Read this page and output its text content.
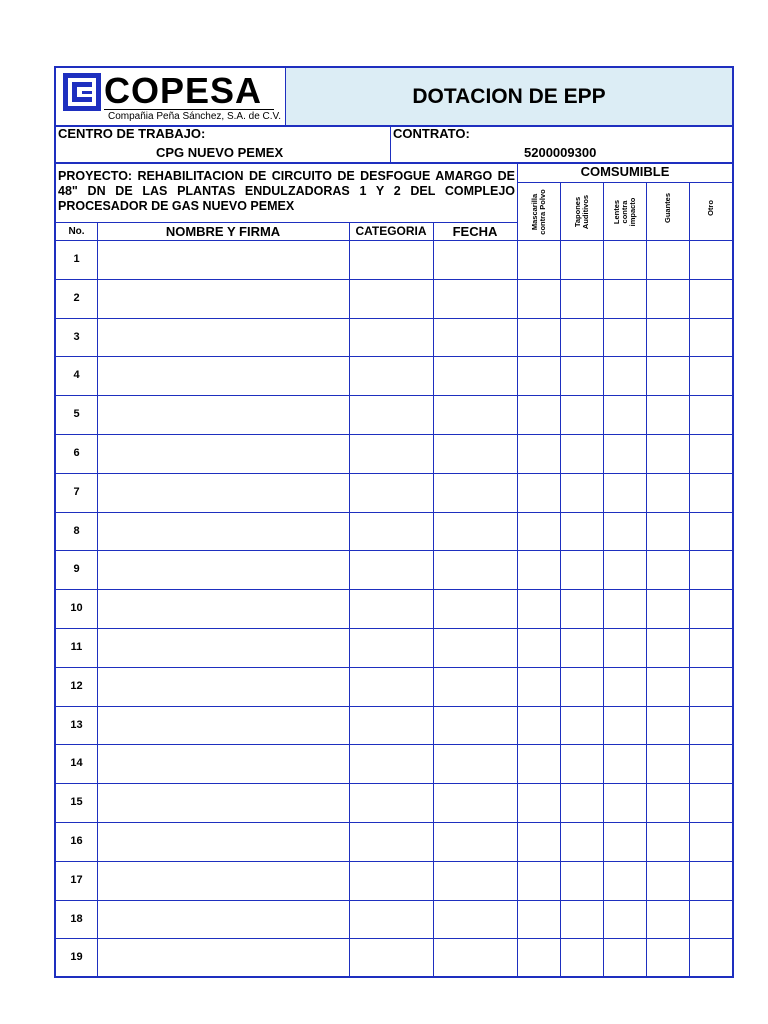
COPESA
Compañia Peña Sánchez, S.A. de C.V.
DOTACION DE EPP
CENTRO DE TRABAJO:
CPG NUEVO PEMEX
CONTRATO:
5200009300
PROYECTO: REHABILITACION DE CIRCUITO DE DESFOGUE AMARGO DE 48" DN DE LAS PLANTAS ENDULZADORAS 1 Y 2 DEL COMPLEJO PROCESADOR DE GAS NUEVO PEMEX
COMSUMIBLE
No.	NOMBRE Y FIRMA	CATEGORIA	FECHA
Mascarilla contra Polvo	Tapones Auditivos	Lentes contra impacto	Guantes	Otro
1
2
3
4
5
6
7
8
9
10
11
12
13
14
15
16
17
18
19
